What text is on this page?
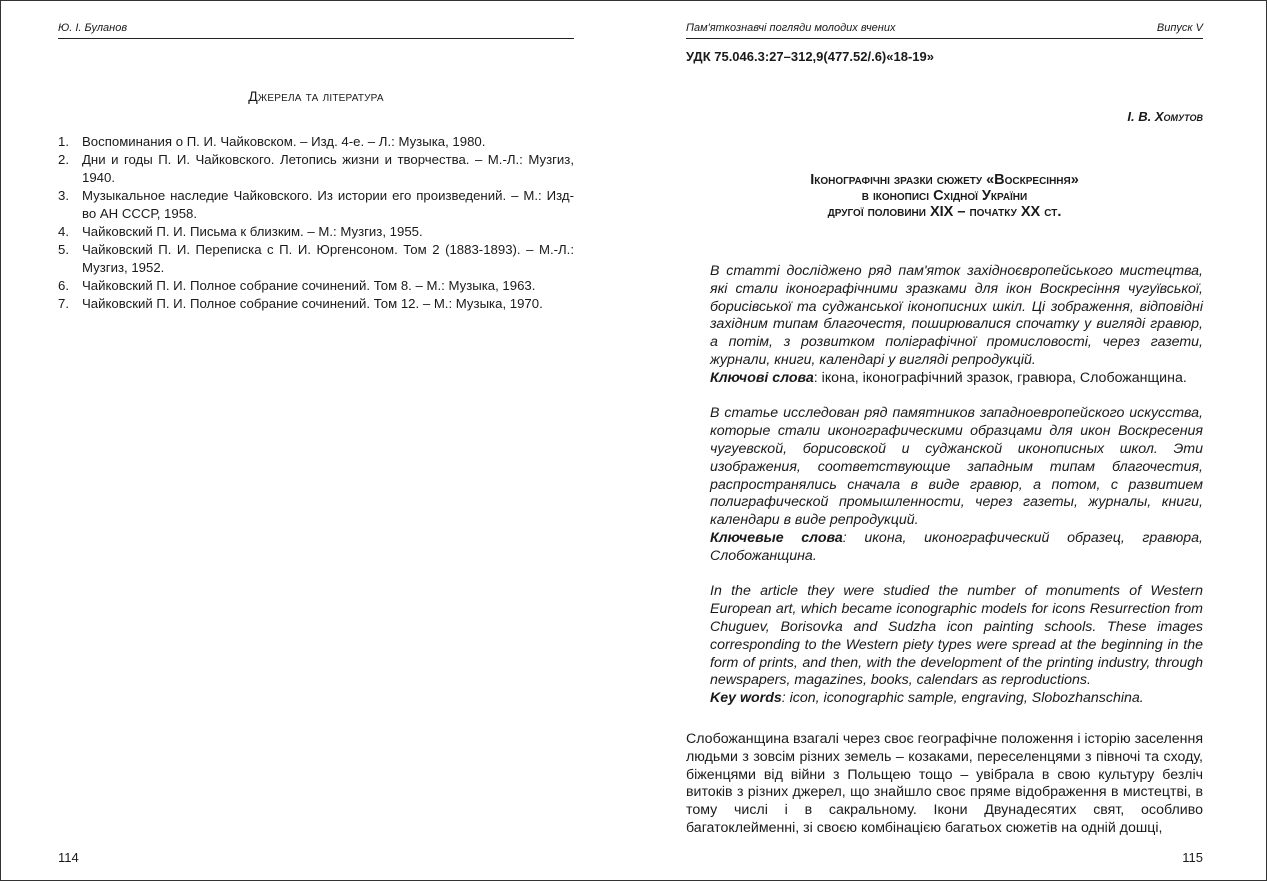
Ю. І. Буланов
Джерела та література
1. Воспоминания о П. И. Чайковском. – Изд. 4-е. – Л.: Музыка, 1980.
2. Дни и годы П. И. Чайковского. Летопись жизни и творчества. – М.-Л.: Музгиз, 1940.
3. Музыкальное наследие Чайковского. Из истории его произведений. – М.: Изд-во АН СССР, 1958.
4. Чайковский П. И. Письма к близким. – М.: Музгиз, 1955.
5. Чайковский П. И. Переписка с П. И. Юргенсоном. Том 2 (1883-1893). – М.-Л.: Музгиз, 1952.
6. Чайковский П. И. Полное собрание сочинений. Том 8. – М.: Музыка, 1963.
7. Чайковский П. И. Полное собрание сочинений. Том 12. – М.: Музыка, 1970.
114
Пам'яткознавчі погляди молодих вчених	Випуск V
УДК 75.046.3:27–312,9(477.52/.6)«18-19»
І. В. Хомутов
Іконографічні зразки сюжету «Воскресіння»
в іконописі Східної України
другої половини XIX – початку XX ст.

В статті досліджено ряд пам'яток західноєвропейського мистецтва, які стали іконографічними зразками для ікон Воскресіння чугуївської, борисівської та суджанської іконописних шкіл. Ці зображення, відповідні західним типам благочестя, поширювалися спочатку у вигляді гравюр, а потім, з розвитком поліграфічної промисловості, через газети, журнали, книги, календарі у вигляді репродукцій.
Ключові слова: ікона, іконографічний зразок, гравюра, Слобожанщина.

В статье исследован ряд памятников западноевропейского искусства, которые стали иконографическими образцами для икон Воскресения чугуевской, борисовской и суджанской иконописных школ. Эти изображения, соответствующие западным типам благочестия, распространялись сначала в виде гравюр, а потом, с развитием полиграфической промышленности, через газеты, журналы, книги, календари в виде репродукций.
Ключевые слова: икона, иконографический образец, гравюра, Слобожанщина.

In the article they were studied the number of monuments of Western European art, which became iconographic models for icons Resurrection from Chuguev, Borisovka and Sudzha icon painting schools. These images corresponding to the Western piety types were spread at the beginning in the form of prints, and then, with the development of the printing industry, through newspapers, magazines, books, calendars as reproductions.
Key words: icon, iconographic sample, engraving, Slobozhanschina.

Слобожанщина взагалі через своє географічне положення і історію заселення людьми з зовсім різних земель – козаками, переселенцями з півночі та сходу, біженцями від війни з Польщею тощо – увібрала в свою культуру безліч витоків з різних джерел, що знайшло своє пряме відображення в мистецтві, в тому числі і в сакральному. Ікони Двунадесятих свят, особливо багатоклейменні, зі своєю комбінацією багатьох сюжетів на одній дошці,

115
